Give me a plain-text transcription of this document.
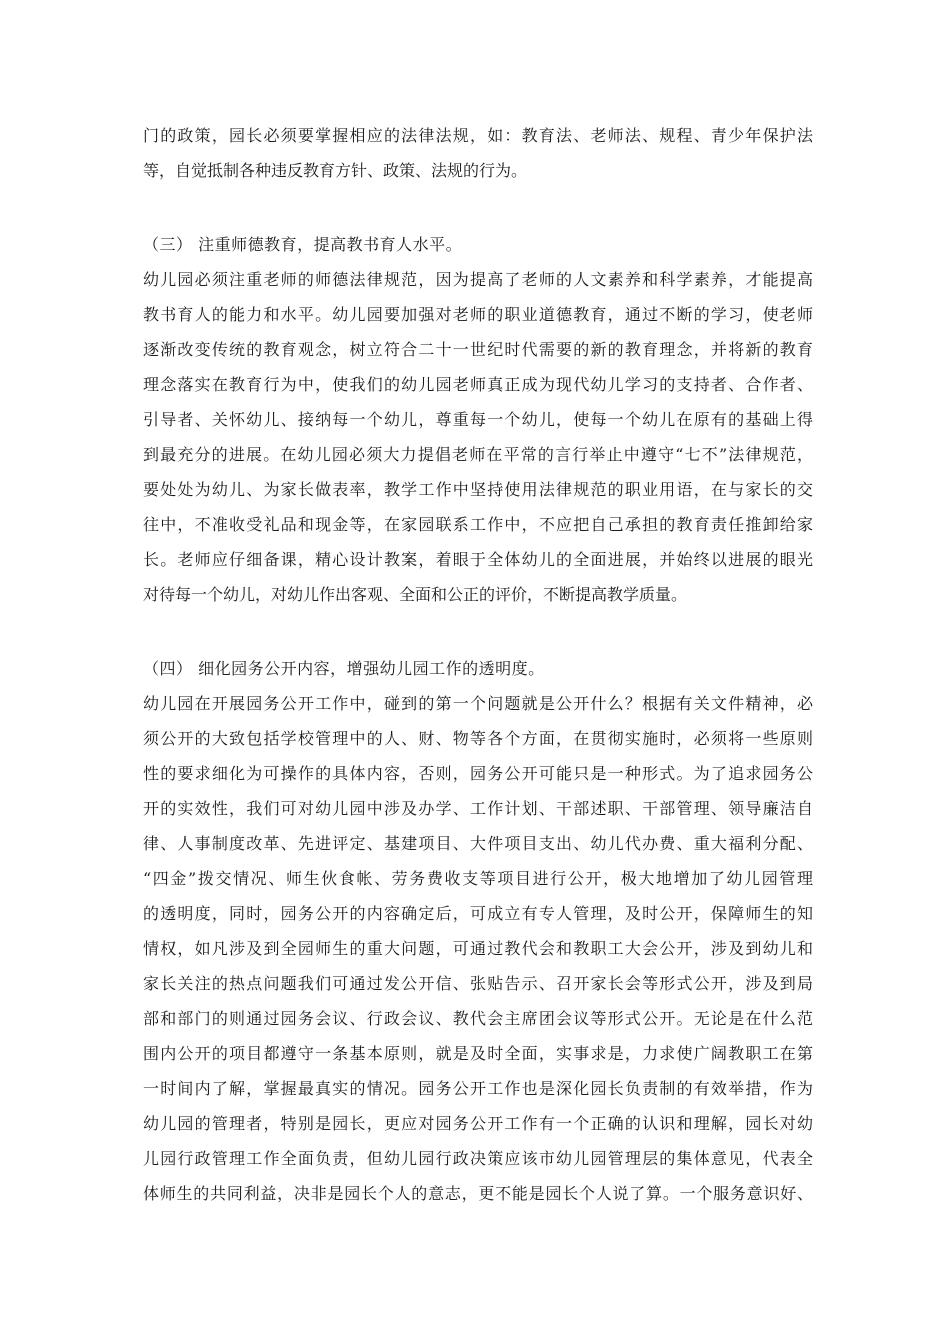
门的政策，园长必须要掌握相应的法律法规，如：教育法、老师法、规程、青少年保护法
等，自觉抵制各种违反教育方针、政策、法规的行为。
（三） 注重师德教育，提高教书育人水平。
幼儿园必须注重老师的师德法律规范，因为提高了老师的人文素养和科学素养，才能提高
教书育人的能力和水平。幼儿园要加强对老师的职业道德教育，通过不断的学习，使老师
逐渐改变传统的教育观念，树立符合二十一世纪时代需要的新的教育理念，并将新的教育
理念落实在教育行为中，使我们的幼儿园老师真正成为现代幼儿学习的支持者、合作者、
引导者、关怀幼儿、接纳每一个幼儿，尊重每一个幼儿，使每一个幼儿在原有的基础上得
到最充分的进展。在幼儿园必须大力提倡老师在平常的言行举止中遵守“七不”法律规范，
要处处为幼儿、为家长做表率，教学工作中坚持使用法律规范的职业用语，在与家长的交
往中，不准收受礼品和现金等，在家园联系工作中，不应把自己承担的教育责任推卸给家
长。老师应仔细备课，精心设计教案，着眼于全体幼儿的全面进展，并始终以进展的眼光
对待每一个幼儿，对幼儿作出客观、全面和公正的评价，不断提高教学质量。
（四） 细化园务公开内容，增强幼儿园工作的透明度。
幼儿园在开展园务公开工作中，碰到的第一个问题就是公开什么？根据有关文件精神，必
须公开的大致包括学校管理中的人、财、物等各个方面，在贯彻实施时，必须将一些原则
性的要求细化为可操作的具体内容，否则，园务公开可能只是一种形式。为了追求园务公
开的实效性，我们可对幼儿园中涉及办学、工作计划、干部述职、干部管理、领导廉洁自
律、人事制度改革、先进评定、基建项目、大件项目支出、幼儿代办费、重大福利分配、
“四金”拨交情况、师生伙食帐、劳务费收支等项目进行公开，极大地增加了幼儿园管理
的透明度，同时，园务公开的内容确定后，可成立有专人管理，及时公开，保障师生的知
情权，如凡涉及到全园师生的重大问题，可通过教代会和教职工大会公开，涉及到幼儿和
家长关注的热点问题我们可通过发公开信、张贴告示、召开家长会等形式公开，涉及到局
部和部门的则通过园务会议、行政会议、教代会主席团会议等形式公开。无论是在什么范
围内公开的项目都遵守一条基本原则，就是及时全面，实事求是，力求使广阔教职工在第
一时间内了解，掌握最真实的情况。园务公开工作也是深化园长负责制的有效举措，作为
幼儿园的管理者，特别是园长，更应对园务公开工作有一个正确的认识和理解，园长对幼
儿园行政管理工作全面负责，但幼儿园行政决策应该市幼儿园管理层的集体意见，代表全
体师生的共同利益，决非是园长个人的意志，更不能是园长个人说了算。一个服务意识好、
